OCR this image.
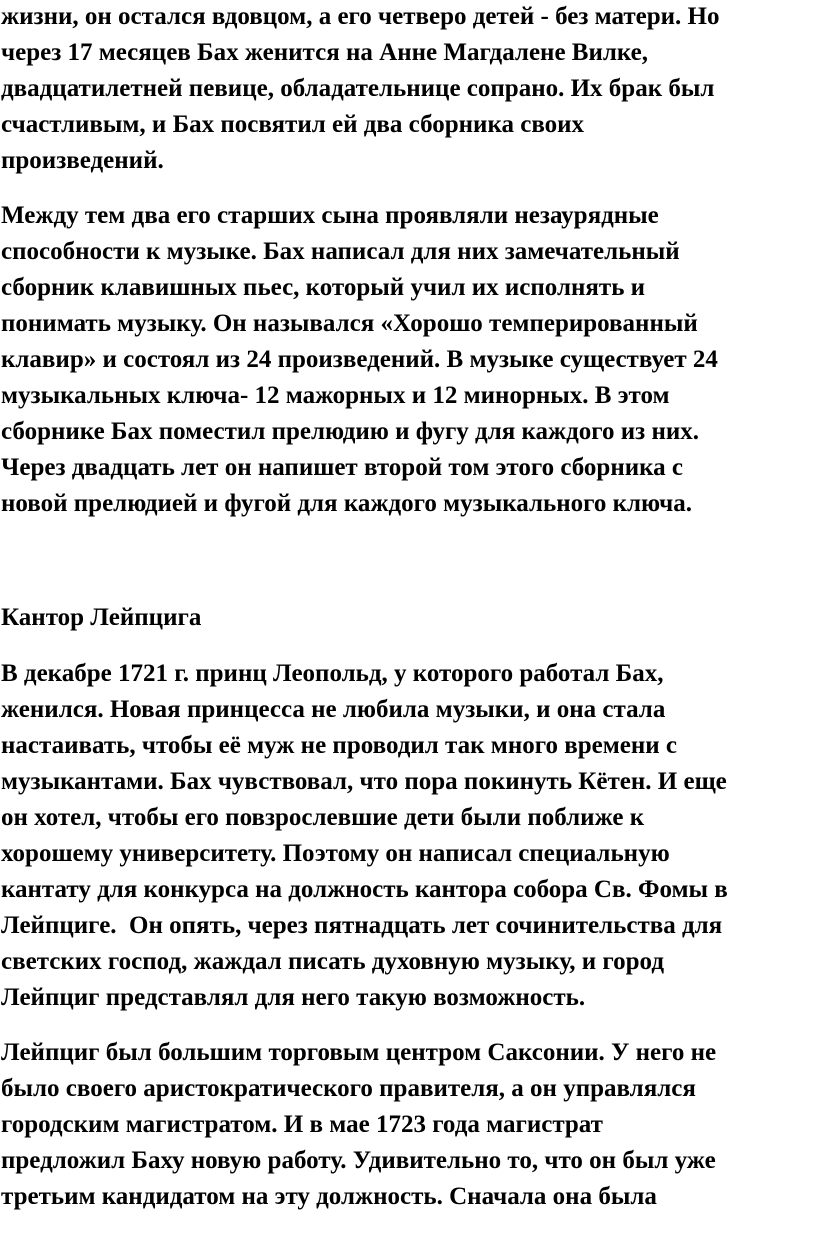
жизни, он остался вдовцом, а его четверо детей - без матери. Но
через 17 месяцев Бах женится на Анне Магдалене Вилке,
двадцатилетней певице, обладательнице сопрано. Их брак был
счастливым, и Бах посвятил ей два сборника своих
произведений.
Между тем два его старших сына проявляли незаурядные
способности к музыке. Бах написал для них замечательный
сборник клавишных пьес, который учил их исполнять и
понимать музыку. Он назывался «Хорошо темперированный
клавир» и состоял из 24 произведений. В музыке существует 24
музыкальных ключа- 12 мажорных и 12 минорных. В этом
сборнике Бах поместил прелюдию и фугу для каждого из них.
Через двадцать лет он напишет второй том этого сборника с
новой прелюдией и фугой для каждого музыкального ключа.
Кантор Лейпцига
В декабре 1721 г. принц Леопольд, у которого работал Бах,
женился. Новая принцесса не любила музыки, и она стала
настаивать, чтобы её муж не проводил так много времени с
музыкантами. Бах чувствовал, что пора покинуть Кётен. И еще
он хотел, чтобы его повзрослевшие дети были поближе к
хорошему университету. Поэтому он написал специальную
кантату для конкурса на должность кантора собора Св. Фомы в
Лейпциге.  Он опять, через пятнадцать лет сочинительства для
светских господ, жаждал писать духовную музыку, и город
Лейпциг представлял для него такую возможность.
Лейпциг был большим торговым центром Саксонии. У него не
было своего аристократического правителя, а он управлялся
городским магистратом. И в мае 1723 года магистрат
предложил Баху новую работу. Удивительно то, что он был уже
третьим кандидатом на эту должность. Сначала она была
